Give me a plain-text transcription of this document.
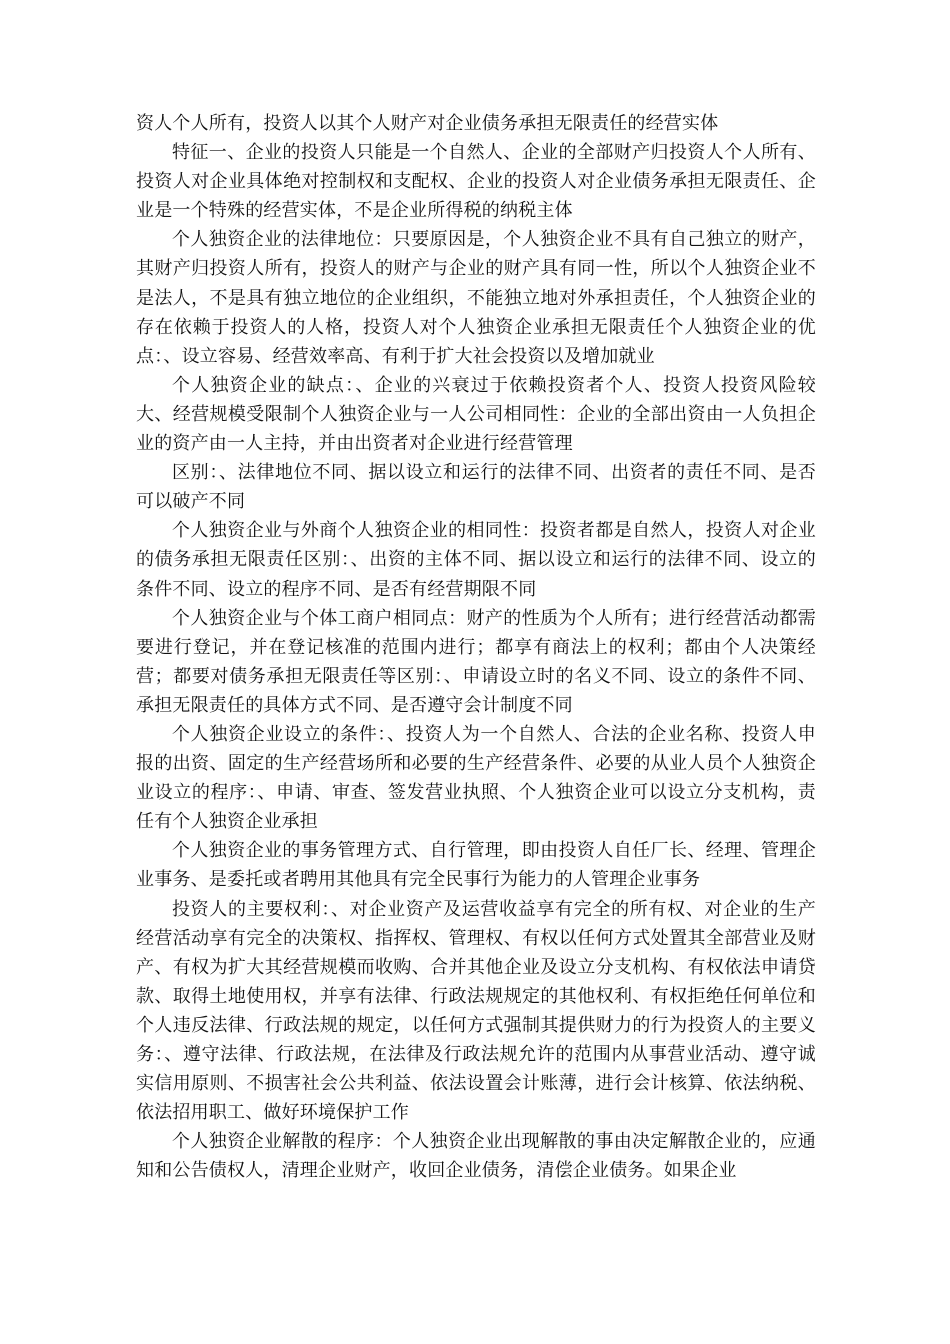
资人个人所有，投资人以其个人财产对企业债务承担无限责任的经营实体

特征一、企业的投资人只能是一个自然人、企业的全部财产归投资人个人所有、投资人对企业具体绝对控制权和支配权、企业的投资人对企业债务承担无限责任、企业是一个特殊的经营实体，不是企业所得税的纳税主体

个人独资企业的法律地位：只要原因是，个人独资企业不具有自己独立的财产，其财产归投资人所有，投资人的财产与企业的财产具有同一性，所以个人独资企业不是法人，不是具有独立地位的企业组织，不能独立地对外承担责任，个人独资企业的存在依赖于投资人的人格，投资人对个人独资企业承担无限责任个人独资企业的优点：、设立容易、经营效率高、有利于扩大社会投资以及增加就业

个人独资企业的缺点：、企业的兴衰过于依赖投资者个人、投资人投资风险较大、经营规模受限制个人独资企业与一人公司相同性：企业的全部出资由一人负担企业的资产由一人主持，并由出资者对企业进行经营管理

区别：、法律地位不同、据以设立和运行的法律不同、出资者的责任不同、是否可以破产不同

个人独资企业与外商个人独资企业的相同性：投资者都是自然人，投资人对企业的债务承担无限责任区别：、出资的主体不同、据以设立和运行的法律不同、设立的条件不同、设立的程序不同、是否有经营期限不同

个人独资企业与个体工商户相同点：财产的性质为个人所有；进行经营活动都需要进行登记，并在登记核准的范围内进行；都享有商法上的权利；都由个人决策经营；都要对债务承担无限责任等区别：、申请设立时的名义不同、设立的条件不同、承担无限责任的具体方式不同、是否遵守会计制度不同

个人独资企业设立的条件：、投资人为一个自然人、合法的企业名称、投资人申报的出资、固定的生产经营场所和必要的生产经营条件、必要的从业人员个人独资企业设立的程序：、申请、审查、签发营业执照、个人独资企业可以设立分支机构，责任有个人独资企业承担

个人独资企业的事务管理方式、自行管理，即由投资人自任厂长、经理、管理企业事务、是委托或者聘用其他具有完全民事行为能力的人管理企业事务

投资人的主要权利：、对企业资产及运营收益享有完全的所有权、对企业的生产经营活动享有完全的决策权、指挥权、管理权、有权以任何方式处置其全部营业及财产、有权为扩大其经营规模而收购、合并其他企业及设立分支机构、有权依法申请贷款、取得土地使用权，并享有法律、行政法规规定的其他权利、有权拒绝任何单位和个人违反法律、行政法规的规定，以任何方式强制其提供财力的行为投资人的主要义务：、遵守法律、行政法规，在法律及行政法规允许的范围内从事营业活动、遵守诚实信用原则、不损害社会公共利益、依法设置会计账薄，进行会计核算、依法纳税、依法招用职工、做好环境保护工作

个人独资企业解散的程序：个人独资企业出现解散的事由决定解散企业的，应通知和公告债权人，清理企业财产，收回企业债务，清偿企业债务。如果企业
